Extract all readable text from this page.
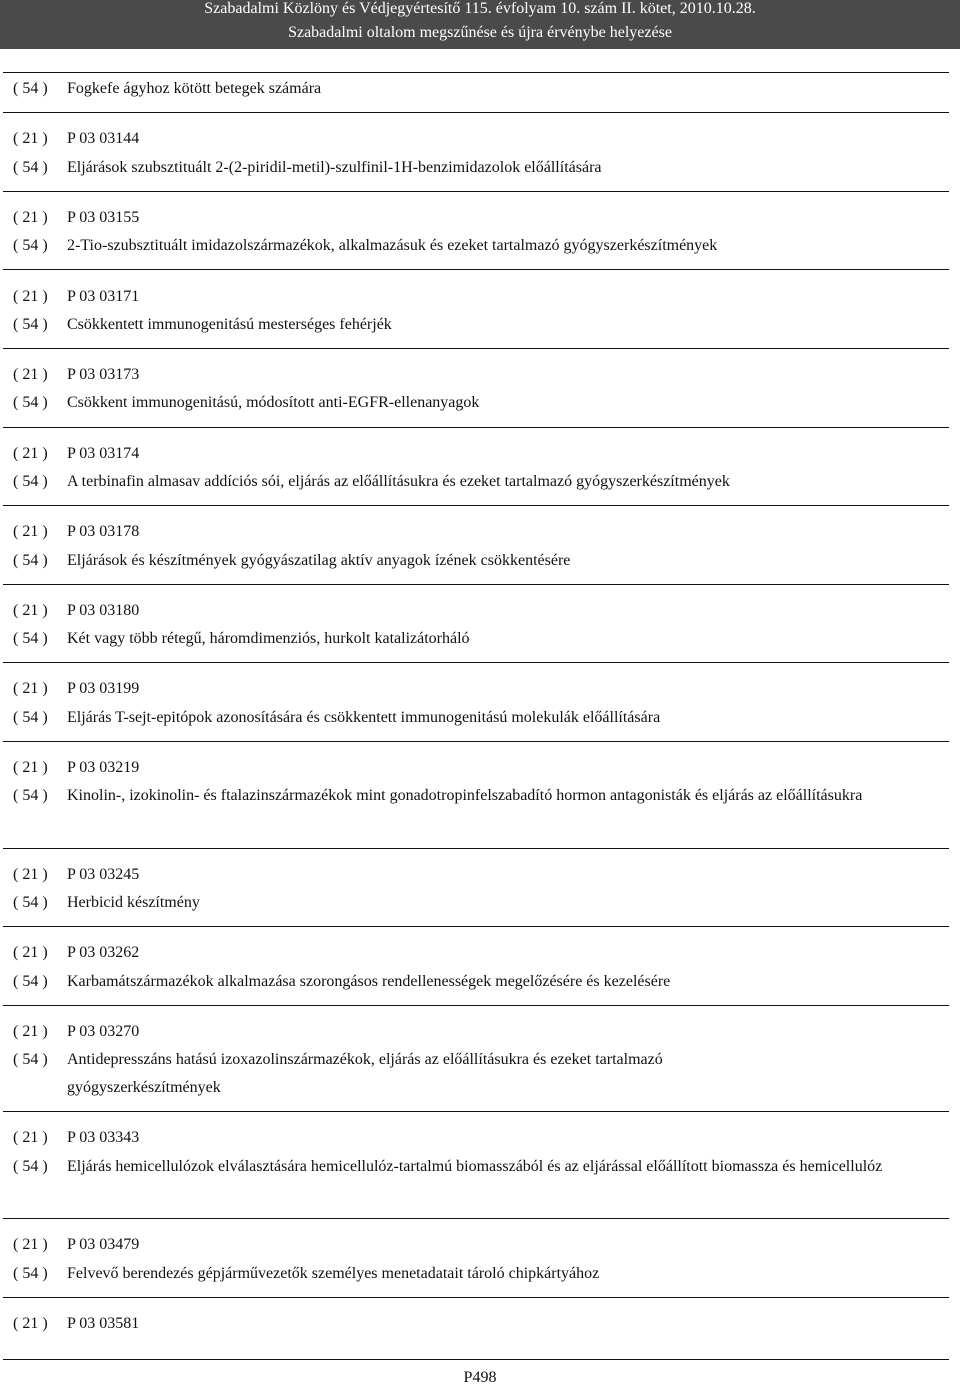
Szabadalmi Közlöny és Védjegyértesítő 115. évfolyam 10. szám II. kötet, 2010.10.28.
Szabadalmi oltalom megszűnése és újra érvénybe helyezése
( 54 )	Fogkefe ágyhoz kötött betegek számára
( 21 )	P 03 03144
( 54 )	Eljárások szubsztituált 2-(2-piridil-metil)-szulfinil-1H-benzimidazolok előállítására
( 21 )	P 03 03155
( 54 )	2-Tio-szubsztituált imidazolszármazékok, alkalmazásuk és ezeket tartalmazó gyógyszerkészítmények
( 21 )	P 03 03171
( 54 )	Csökkentett immunogenitású mesterséges fehérjék
( 21 )	P 03 03173
( 54 )	Csökkent immunogenitású, módosított anti-EGFR-ellenanyagok
( 21 )	P 03 03174
( 54 )	A terbinafin almasav addíciós sói, eljárás az előállításukra és ezeket tartalmazó gyógyszerkészítmények
( 21 )	P 03 03178
( 54 )	Eljárások és készítmények gyógyászatilag aktív anyagok ízének csökkentésére
( 21 )	P 03 03180
( 54 )	Két vagy több rétegű, háromdimenziós, hurkolt katalizátorháló
( 21 )	P 03 03199
( 54 )	Eljárás T-sejt-epitópok azonosítására és csökkentett immunogenitású molekulák előállítására
( 21 )	P 03 03219
( 54 )	Kinolin-, izokinolin- és ftalazinszármazékok mint gonadotropinfelszabadító hormon antagonisták és eljárás az előállításukra
( 21 )	P 03 03245
( 54 )	Herbicid készítmény
( 21 )	P 03 03262
( 54 )	Karbamátszármazékok alkalmazása szorongásos rendellenességek megelőzésére és kezelésére
( 21 )	P 03 03270
( 54 )	Antidepresszáns hatású izoxazolinszármazékok, eljárás az előállításukra és ezeket tartalmazó gyógyszerkészítmények
( 21 )	P 03 03343
( 54 )	Eljárás hemicellulózok elválasztására hemicellulóz-tartalmú biomasszából és az eljárással előállított biomassza és hemicellulóz
( 21 )	P 03 03479
( 54 )	Felvevő berendezés gépjárművezetők személyes menetadatait tároló chipkártyához
( 21 )	P 03 03581
P498
